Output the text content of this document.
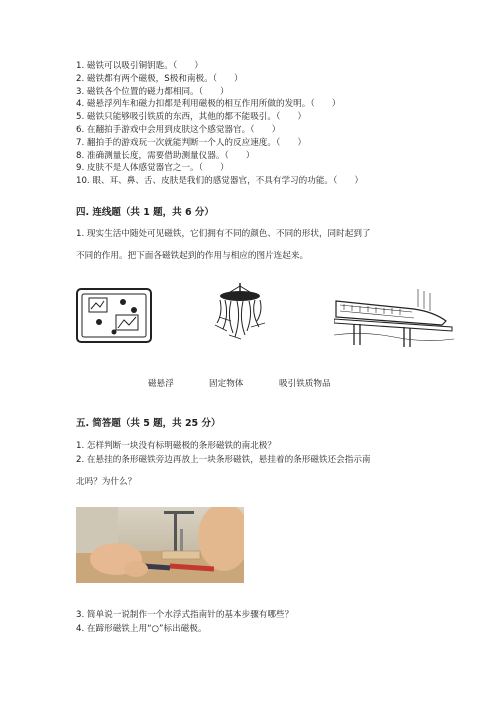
1. 磁铁可以吸引铜钥匙。（　　）
2. 磁铁都有两个磁极，S极和南极。（　　）
3. 磁铁各个位置的磁力都相同。（　　）
4. 磁悬浮列车和磁力扣都是利用磁极的相互作用所做的发明。（　　）
5. 磁铁只能够吸引铁质的东西，其他的都不能吸引。（　　）
6. 在翻拍手游戏中会用到皮肤这个感觉器官。（　　）
7. 翻拍手的游戏玩一次就能判断一个人的反应速度。（　　）
8. 准确测量长度，需要借助测量仪器。（　　）
9. 皮肤不是人体感觉器官之一。（　　）
10. 眼、耳、鼻、舌、皮肤是我们的感觉器官，不具有学习的功能。（　　）
四. 连线题（共 1 题，共 6 分）
1. 现实生活中随处可见磁铁，它们拥有不同的颜色、不同的形状，同时起到了
不同的作用。把下面各磁铁起到的作用与相应的图片连起来。
磁悬浮	固定物体	吸引铁质物品
五. 简答题（共 5 题，共 25 分）
1. 怎样判断一块没有标明磁极的条形磁铁的南北极？
2. 在悬挂的条形磁铁旁边再放上一块条形磁铁，悬挂着的条形磁铁还会指示南
北吗？为什么？
3. 简单说一说制作一个水浮式指南针的基本步骤有哪些？
4. 在蹄形磁铁上用“○”标出磁极。
